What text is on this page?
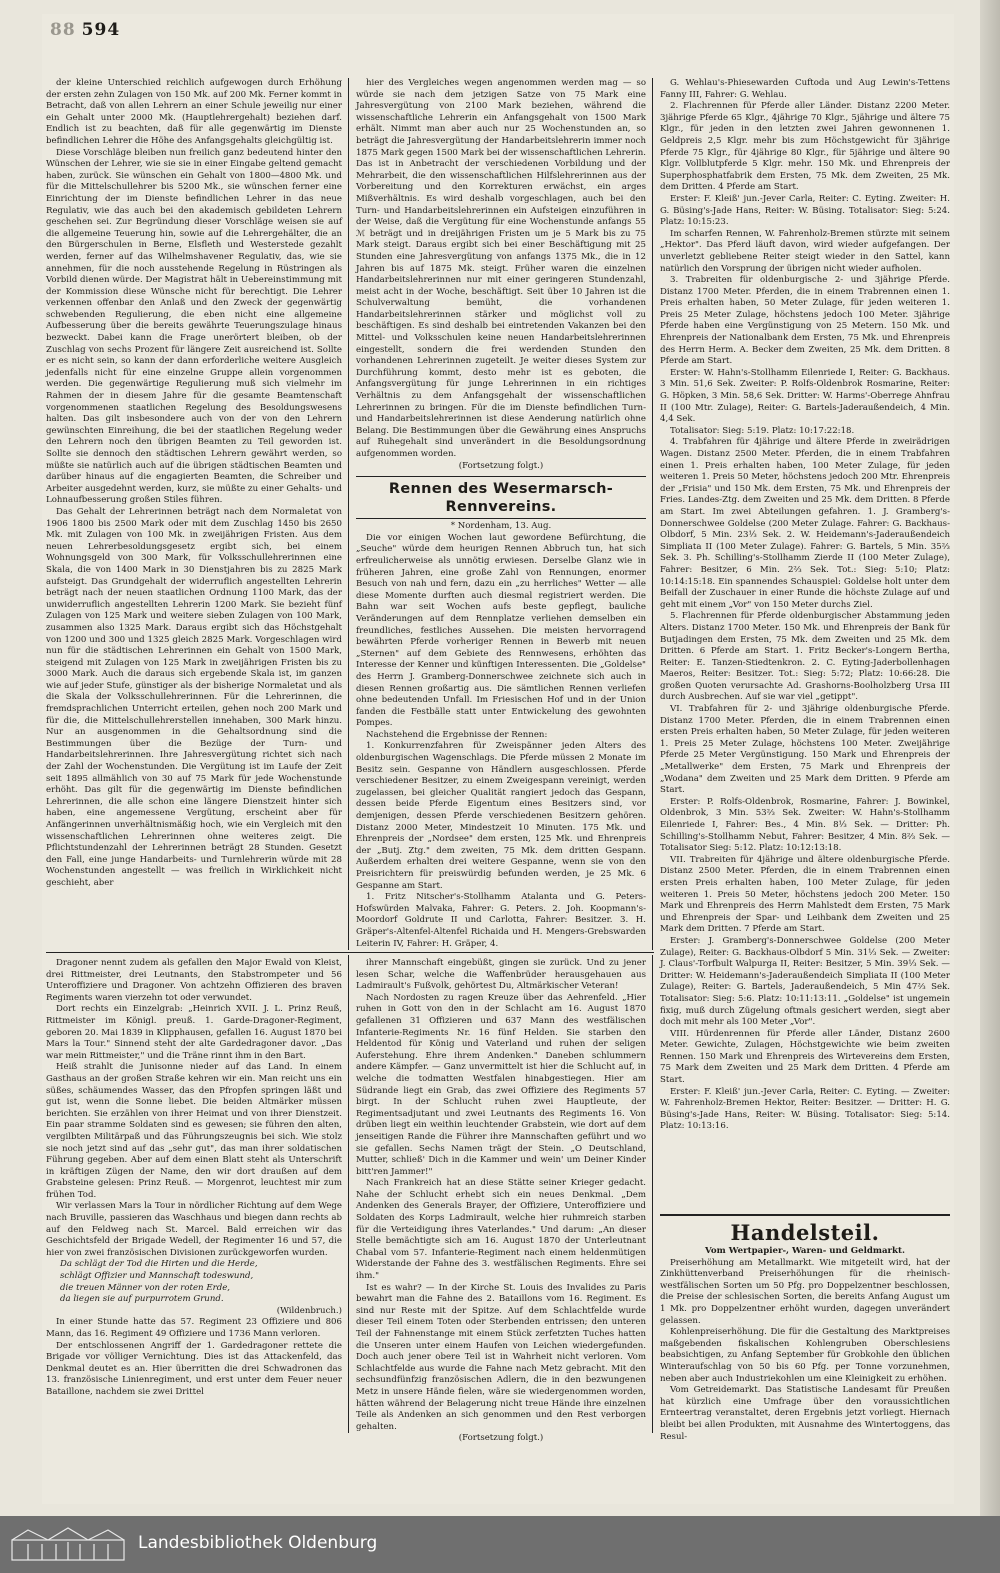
88 594

der kleine Unterschied reichlich aufgewogen durch Erhöhung der ersten zehn Zulagen von 150 Mk. auf 200 Mk. Ferner kommt in Betracht, daß von allen Lehrern an einer Schule jeweilig nur einer ein Gehalt unter 2000 Mk. (Hauptlehrergehalt) beziehen darf. Endlich ist zu beachten, daß für alle gegenwärtig im Dienste befindlichen Lehrer die Höhe des Anfangsgehalts gleichgültig ist.

Diese Vorschläge bleiben nun freilich ganz bedeutend hinter den Wünschen der Lehrer, wie sie sie in einer Eingabe geltend gemacht haben, zurück. Sie wünschen ein Gehalt von 1800—4800 Mk. und für die Mittelschullehrer bis 5200 Mk., sie wünschen ferner eine Einrichtung der im Dienste befindlichen Lehrer in das neue Regulativ, wie das auch bei den akademisch gebildeten Lehrern geschehen sei. Zur Begründung dieser Vorschläge weisen sie auf die allgemeine Teuerung hin, sowie auf die Lehrergehälter, die an den Bürgerschulen in Berne, Elsfleth und Westerstede gezahlt werden, ferner auf das Wilhelmshavener Regulativ, das, wie sie annehmen, für die noch ausstehende Regelung in Rüstringen als Vorbild dienen würde. Der Magistrat hält in Uebereinstimmung mit der Kommission diese Wünsche nicht für berechtigt. Die Lehrer verkennen offenbar den Anlaß und den Zweck der gegenwärtig schwebenden Regulierung, die eben nicht eine allgemeine Aufbesserung über die bereits gewährte Teuerungszulage hinaus bezweckt. Dabei kann die Frage unerörtert bleiben, ob der Zuschlag von sechs Prozent für längere Zeit ausreichend ist. Sollte er es nicht sein, so kann der dann erforderliche weitere Ausgleich jedenfalls nicht für eine einzelne Gruppe allein vorgenommen werden. Die gegenwärtige Regulierung muß sich vielmehr im Rahmen der in diesem Jahre für die gesamte Beamtenschaft vorgenommenen staatlichen Regelung des Besoldungswesens halten. Das gilt insbesondere auch von der von den Lehrern gewünschten Einreihung, die bei der staatlichen Regelung weder den Lehrern noch den übrigen Beamten zu Teil geworden ist. Sollte sie dennoch den städtischen Lehrern gewährt werden, so müßte sie natürlich auch auf die übrigen städtischen Beamten und darüber hinaus auf die engagierten Beamten, die Schreiber und Arbeiter ausgedehnt werden, kurz, sie müßte zu einer Gehalts- und Lohnaufbesserung großen Stiles führen.

Das Gehalt der Lehrerinnen beträgt nach dem Normaletat von 1906 1800 bis 2500 Mark oder mit dem Zuschlag 1450 bis 2650 Mk. mit Zulagen von 100 Mk. in zweijährigen Fristen. Aus dem neuen Lehrerbesoldungsgesetz ergibt sich, bei einem Wohnungsgeld von 300 Mark, für Volksschullehrerinnen eine Skala, die von 1400 Mark in 30 Dienstjahren bis zu 2825 Mark aufsteigt. Das Grundgehalt der widerruflich angestellten Lehrerin beträgt nach der neuen staatlichen Ordnung 1100 Mark, das der unwiderruflich angestellten Lehrerin 1200 Mark. Sie bezieht fünf Zulagen von 125 Mark und weitere sieben Zulagen von 100 Mark, zusammen also 1325 Mark. Daraus ergibt sich das Höchstgehalt von 1200 und 300 und 1325 gleich 2825 Mark. Vorgeschlagen wird nun für die städtischen Lehrerinnen ein Gehalt von 1500 Mark, steigend mit Zulagen von 125 Mark in zweijährigen Fristen bis zu 3000 Mark. Auch die daraus sich ergebende Skala ist, im ganzen wie auf jeder Stufe, günstiger als der bisherige Normaletat und als die Skala der Volksschullehrerinnen. Für die Lehrerinnen, die fremdsprachlichen Unterricht erteilen, gehen noch 200 Mark und für die, die Mittelschullehrerstellen innehaben, 300 Mark hinzu. Nur an ausgenommen in die Gehaltsordnung sind die Bestimmungen über die Bezüge der Turn- und Handarbeitslehrerinnen. Ihre Jahresvergütung richtet sich nach der Zahl der Wochenstunden. Die Vergütung ist im Laufe der Zeit seit 1895 allmählich von 30 auf 75 Mark für jede Wochenstunde erhöht. Das gilt für die gegenwärtig im Dienste befindlichen Lehrerinnen, die alle schon eine längere Dienstzeit hinter sich haben, eine angemessene Vergütung, erscheint aber für Anfängerinnen unverhältnismäßig hoch, wie ein Vergleich mit den wissenschaftlichen Lehrerinnen ohne weiteres zeigt. Die Pflichtstundenzahl der Lehrerinnen beträgt 28 Stunden. Gesetzt den Fall, eine junge Handarbeits- und Turnlehrerin würde mit 28 Wochenstunden angestellt — was freilich in Wirklichkeit nicht geschieht, aber

hier des Vergleiches wegen angenommen werden mag — so würde sie nach dem jetzigen Satze von 75 Mark eine Jahresvergütung von 2100 Mark beziehen, während die wissenschaftliche Lehrerin ein Anfangsgehalt von 1500 Mark erhält. Nimmt man aber auch nur 25 Wochenstunden an, so beträgt die Jahresvergütung der Handarbeitslehrerin immer noch 1875 Mark gegen 1500 Mark bei der wissenschaftlichen Lehrerin. Das ist in Anbetracht der verschiedenen Vorbildung und der Mehrarbeit, die den wissenschaftlichen Hilfslehrerinnen aus der Vorbereitung und den Korrekturen erwächst, ein arges Mißverhältnis. Es wird deshalb vorgeschlagen, auch bei den Turn- und Handarbeitslehrerinnen ein Aufsteigen einzuführen in der Weise, daß die Vergütung für eine Wochenstunde anfangs 55 ℳ beträgt und in dreijährigen Fristen um je 5 Mark bis zu 75 Mark steigt. Daraus ergibt sich bei einer Beschäftigung mit 25 Stunden eine Jahresvergütung von anfangs 1375 Mk., die in 12 Jahren bis auf 1875 Mk. steigt. Früher waren die einzelnen Handarbeitslehrerinnen nur mit einer geringeren Stundenzahl, meist acht in der Woche, beschäftigt. Seit über 10 Jahren ist die Schulverwaltung bemüht, die vorhandenen Handarbeitslehrerinnen stärker und möglichst voll zu beschäftigen. Es sind deshalb bei eintretenden Vakanzen bei den Mittel- und Volksschulen keine neuen Handarbeitslehrerinnen eingestellt, sondern die frei werdenden Stunden den vorhandenen Lehrerinnen zugeteilt. Je weiter dieses System zur Durchführung kommt, desto mehr ist es geboten, die Anfangsvergütung für junge Lehrerinnen in ein richtiges Verhältnis zu dem Anfangsgehalt der wissenschaftlichen Lehrerinnen zu bringen. Für die im Dienste befindlichen Turn- und Handarbeitslehrerinnen ist diese Aenderung natürlich ohne Belang. Die Bestimmungen über die Gewährung eines Anspruchs auf Ruhegehalt sind unverändert in die Besoldungsordnung aufgenommen worden.

(Fortsetzung folgt.)

Rennen des Wesermarsch-Rennvereins.

* Nordenham, 13. Aug.

Die vor einigen Wochen laut gewordene Befürchtung, die „Seuche" würde dem heurigen Rennen Abbruch tun, hat sich erfreulicherweise als unnötig erwiesen. Derselbe Glanz wie in früheren Jahren, eine große Zahl von Rennungen, enormer Besuch von nah und fern, dazu ein „zu herrliches" Wetter — alle diese Momente durften auch diesmal registriert werden. Die Bahn war seit Wochen aufs beste gepflegt, bauliche Veränderungen auf dem Rennplatze verliehen demselben ein freundliches, festliches Aussehen. Die meisten hervorragend bewährten Pferde vorheriger Rennen in Bewerb mit neuen „Sternen" auf dem Gebiete des Rennwesens, erhöhten das Interesse der Kenner und künftigen Interessenten. Die „Goldelse" des Herrn J. Gramberg-Donnerschwee zeichnete sich auch in diesen Rennen großartig aus. Die sämtlichen Rennen verliefen ohne bedeutenden Unfall. Im Friesischen Hof und in der Union fanden die Festbälle statt unter Entwickelung des gewohnten Pompes.

Nachstehend die Ergebnisse der Rennen:

1. Konkurrenzfahren für Zweispänner jeden Alters des oldenburgischen Wagenschlags. Die Pferde müssen 2 Monate im Besitz sein. Gespanne von Händlern ausgeschlossen. Pferde verschiedener Besitzer, zu einem Zweigespann vereinigt, werden zugelassen, bei gleicher Qualität rangiert jedoch das Gespann, dessen beide Pferde Eigentum eines Besitzers sind, vor demjenigen, dessen Pferde verschiedenen Besitzern gehören. Distanz 2000 Meter, Mindestzeit 10 Minuten. 175 Mk. und Ehrenpreis der „Nordsee" dem ersten, 125 Mk. und Ehrenpreis der „Butj. Ztg." dem zweiten, 75 Mk. dem dritten Gespann. Außerdem erhalten drei weitere Gespanne, wenn sie von den Preisrichtern für preiswürdig befunden werden, je 25 Mk. 6 Gespanne am Start.

1. Fritz Nitscher's-Stollhamm Atalanta und G. Peters-Hofswürden Malvaka, Fahrer: G. Peters. 2. Joh. Koopmann's-Moordorf Goldrute II und Carlotta, Fahrer: Besitzer. 3. H. Gräper's-Altenfel-Altenfel Richaida und H. Mengers-Grebswarden Leiterin IV, Fahrer: H. Gräper, 4.

G. Wehlau's-Phiesewarden Cuftoda und Aug Lewin's-Tettens Fanny III, Fahrer: G. Wehlau.

2. Flachrennen für Pferde aller Länder. Distanz 2200 Meter. 3jährige Pferde 65 Klgr., 4jährige 70 Klgr., 5jährige und ältere 75 Klgr., für jeden in den letzten zwei Jahren gewonnenen 1. Geldpreis 2,5 Klgr. mehr bis zum Höchstgewicht für 3jährige Pferde 75 Klgr., für 4jährige 80 Klgr., für 5jährige und ältere 90 Klgr. Vollblutpferde 5 Klgr. mehr. 150 Mk. und Ehrenpreis der Superphosphatfabrik dem Ersten, 75 Mk. dem Zweiten, 25 Mk. dem Dritten. 4 Pferde am Start.

Erster: F. Kleiß' jun.-Jever Carla, Reiter: C. Eyting. Zweiter: H. G. Büsing's-Jade Hans, Reiter: W. Büsing. Totalisator: Sieg: 5:24. Platz: 10:15:23.

Im scharfen Rennen, W. Fahrenholz-Bremen stürzte mit seinem „Hektor". Das Pferd läuft davon, wird wieder aufgefangen. Der unverletzt gebliebene Reiter steigt wieder in den Sattel, kann natürlich den Vorsprung der übrigen nicht wieder aufholen.

3. Trabreiten für oldenburgische 2- und 3jährige Pferde. Distanz 1700 Meter. Pferden, die in einem Trabrennen einen 1. Preis erhalten haben, 50 Meter Zulage, für jeden weiteren 1. Preis 25 Meter Zulage, höchstens jedoch 100 Meter. 3jährige Pferde haben eine Vergünstigung von 25 Metern. 150 Mk. und Ehrenpreis der Nationalbank dem Ersten, 75 Mk. und Ehrenpreis des Herrn Herm. A. Becker dem Zweiten, 25 Mk. dem Dritten. 8 Pferde am Start.

Erster: W. Hahn's-Stollhamm Eilenriede I, Reiter: G. Backhaus. 3 Min. 51,6 Sek. Zweiter: P. Rolfs-Oldenbrok Rosmarine, Reiter: G. Höpken, 3 Min. 58,6 Sek. Dritter: W. Harms'-Oberrege Ahnfrau II (100 Mtr. Zulage), Reiter: G. Bartels-Jaderaußendeich, 4 Min. 4,4 Sek.

Totalisator: Sieg: 5:19. Platz: 10:17:22:18.

4. Trabfahren für 4jährige und ältere Pferde in zweirädrigen Wagen. Distanz 2500 Meter. Pferden, die in einem Trabfahren einen 1. Preis erhalten haben, 100 Meter Zulage, für jeden weiteren 1. Preis 50 Meter, höchstens jedoch 200 Mtr. Ehrenpreis der „Frisia" und 150 Mk. dem Ersten, 75 Mk. und Ehrenpreis der Fries. Landes-Ztg. dem Zweiten und 25 Mk. dem Dritten. 8 Pferde am Start. Im zwei Abteilungen gefahren. 1. J. Gramberg's-Donnerschwee Goldelse (200 Meter Zulage. Fahrer: G. Backhaus-Olbdorf, 5 Min. 23⅓ Sek. 2. W. Heidemann's-Jaderaußendeich Simpliata II (100 Meter Zulage). Fahrer: G. Bartels, 5 Min. 35⅔ Sek. 3. Ph. Schilling's-Stollhamm Zierde II (100 Meter Zulage), Fahrer: Besitzer, 6 Min. 2⅔ Sek. Tot.: Sieg: 5:10; Platz: 10:14:15:18. Ein spannendes Schauspiel: Goldelse holt unter dem Beifall der Zuschauer in einer Runde die höchste Zulage auf und geht mit einem „Vor" von 150 Meter durchs Ziel.

5. Flachrennen für Pferde oldenburgischer Abstammung jeden Alters. Distanz 1700 Meter. 150 Mk. und Ehrenpreis der Bank für Butjadingen dem Ersten, 75 Mk. dem Zweiten und 25 Mk. dem Dritten. 6 Pferde am Start. 1. Fritz Becker's-Longern Bertha, Reiter: E. Tanzen-Stiedtenkron. 2. C. Eyting-Jaderbollenhagen Maeros, Reiter: Besitzer. Tot.: Sieg: 5:72; Platz: 10:66:28. Die großen Quoten verursachte Ad. Grashorns-Boolholzberg Ursa III durch Ausbrechen. Auf sie war viel „getippt".

VI. Trabfahren für 2- und 3jährige oldenburgische Pferde. Distanz 1700 Meter. Pferden, die in einem Trabrennen einen ersten Preis erhalten haben, 50 Meter Zulage, für jeden weiteren 1. Preis 25 Meter Zulage, höchstens 100 Meter. Zweijährige Pferde 25 Meter Vergünstigung. 150 Mark und Ehrenpreis der „Metallwerke" dem Ersten, 75 Mark und Ehrenpreis der „Wodana" dem Zweiten und 25 Mark dem Dritten. 9 Pferde am Start.

Erster: P. Rolfs-Oldenbrok, Rosmarine, Fahrer: J. Bowinkel, Oldenbrok, 3 Min. 53⅔ Sek. Zweiter: W. Hahn's-Stollhamm Eilenriede I, Fahrer: Bes., 4 Min. 8⅓ Sek. — Dritter: Ph. Schilling's-Stollhamm Nebut, Fahrer: Besitzer, 4 Min. 8⅔ Sek. — Totalisator Sieg: 5:12. Platz: 10:12:13:18.

VII. Trabreiten für 4jährige und ältere oldenburgische Pferde. Distanz 2500 Meter. Pferden, die in einem Trabrennen einen ersten Preis erhalten haben, 100 Meter Zulage, für jeden weiteren 1. Preis 50 Meter, höchstens jedoch 200 Meter. 150 Mark und Ehrenpreis des Herrn Mahlstedt dem Ersten, 75 Mark und Ehrenpreis der Spar- und Leihbank dem Zweiten und 25 Mark dem Dritten. 7 Pferde am Start.

Erster: J. Gramberg's-Donnerschwee Goldelse (200 Meter Zulage), Reiter: G. Backhaus-Olbdorf 5 Min. 31⅓ Sek. — Zweiter: J. Claus'-Torfbult Walpurga II, Reiter: Besitzer, 5 Min. 39⅓ Sek. — Dritter: W. Heidemann's-Jaderaußendeich Simpliata II (100 Meter Zulage), Reiter: G. Bartels, Jaderaußendeich, 5 Min 47⅔ Sek. Totalisator: Sieg: 5:6. Platz: 10:11:13:11. „Goldelse" ist ungemein fixig, muß durch Zügelung oftmals gesichert werden, siegt aber doch mit mehr als 100 Meter „Vor".

VIII. Hürdenrennen für Pferde aller Länder, Distanz 2600 Meter. Gewichte, Zulagen, Höchstgewichte wie beim zweiten Rennen. 150 Mark und Ehrenpreis des Wirtevereins dem Ersten, 75 Mark dem Zweiten und 25 Mark dem Dritten. 4 Pferde am Start.

Erster: F. Kleiß' jun.-Jever Carla, Reiter: C. Eyting. — Zweiter: W. Fahrenholz-Bremen Hektor, Reiter: Besitzer. — Dritter: H. G. Büsing's-Jade Hans, Reiter: W. Büsing. Totalisator: Sieg: 5:14. Platz: 10:13:16.

Dragoner nennt zudem als gefallen den Major Ewald von Kleist, drei Rittmeister, drei Leutnants, den Stabstrompeter und 56 Unteroffiziere und Dragoner. Von achtzehn Offizieren des braven Regiments waren vierzehn tot oder verwundet.

Dort rechts ein Einzelgrab: „Heinrich XVII. J. L. Prinz Reuß, Rittmeister im Königl. preuß. 1. Garde-Dragoner-Regiment, geboren 20. Mai 1839 in Klipphausen, gefallen 16. August 1870 bei Mars la Tour." Sinnend steht der alte Gardedragoner davor. „Das war mein Rittmeister," und die Träne rinnt ihm in den Bart.

Heiß strahlt die Junisonne nieder auf das Land. In einem Gasthaus an der großen Straße kehren wir ein. Man reicht uns ein süßes, schäumendes Wasser, das den Pfropfen springen läßt und gut ist, wenn die Sonne liebet. Die beiden Altmärker müssen berichten. Sie erzählen von ihrer Heimat und von ihrer Dienstzeit. Ein paar stramme Soldaten sind es gewesen; sie führen den alten, vergilbten Militärpaß und das Führungszeugnis bei sich. Wie stolz sie noch jetzt sind auf das „sehr gut", das man ihrer soldatischen Führung gegeben. Aber auf dem einen Blatt steht als Unterschrift in kräftigen Zügen der Name, den wir dort draußen auf dem Grabsteine gelesen: Prinz Reuß. — Morgenrot, leuchtest mir zum frühen Tod.

Wir verlassen Mars la Tour in nördlicher Richtung auf dem Wege nach Bruville, passieren das Waschhaus und biegen dann rechts ab auf den Feldweg nach St. Marcel. Bald erreichen wir das Geschichtsfeld der Brigade Wedell, der Regimenter 16 und 57, die hier von zwei französischen Divisionen zurückgeworfen wurden.

Da schlägt der Tod die Hirten und die Herde,

schlägt Offizier und Mannschaft todeswund,

die treuen Männer von der roten Erde,

da liegen sie auf purpurrotem Grund.

(Wildenbruch.)

In einer Stunde hatte das 57. Regiment 23 Offiziere und 806 Mann, das 16. Regiment 49 Offiziere und 1736 Mann verloren.

Der entschlossenen Angriff der 1. Gardedragoner rettete die Brigade vor völliger Vernichtung. Dies ist das Attackenfeld, das Denkmal deutet es an. Hier überritten die drei Schwadronen das 13. französische Linienregiment, und erst unter dem Feuer neuer Bataillone, nachdem sie zwei Drittel

ihrer Mannschaft eingebüßt, gingen sie zurück. Und zu jener lesen Schar, welche die Waffenbrüder herausgehauen aus Ladmirault's Fußvolk, gehörtest Du, Altmärkischer Veteran!

Nach Nordosten zu ragen Kreuze über das Aehrenfeld. „Hier ruhen in Gott von den in der Schlacht am 16. August 1870 gefallenen 31 Offizieren und 637 Mann des westfälischen Infanterie-Regiments Nr. 16 fünf Helden. Sie starben den Heldentod für König und Vaterland und ruhen der seligen Auferstehung. Ehre ihrem Andenken." Daneben schlummern andere Kämpfer. — Ganz unvermittelt ist hier die Schlucht auf, in welche die todmatten Westfalen hinabgestiegen. Hier am Südrande liegt ein Grab, das zwei Offiziere des Regiments 57 birgt. In der Schlucht ruhen zwei Hauptleute, der Regimentsadjutant und zwei Leutnants des Regiments 16. Von drüben liegt ein weithin leuchtender Grabstein, wie dort auf dem jenseitigen Rande die Führer ihre Mannschaften geführt und wo sie gefallen. Sechs Namen trägt der Stein. „O Deutschland, Mutter, schließ' Dich in die Kammer und wein' um Deiner Kinder bitt'ren Jammer!"

Nach Frankreich hat an diese Stätte seiner Krieger gedacht. Nahe der Schlucht erhebt sich ein neues Denkmal. „Dem Andenken des Generals Brayer, der Offiziere, Unteroffiziere und Soldaten des Korps Ladmirault, welche hier ruhmreich starben für die Verteidigung ihres Vaterlandes." Und darum: „An dieser Stelle bemächtigte sich am 16. August 1870 der Unterleutnant Chabal vom 57. Infanterie-Regiment nach einem heldenmütigen Widerstande der Fahne des 3. westfälischen Regiments. Ehre sei ihm."

Ist es wahr? — In der Kirche St. Louis des Invalides zu Paris bewahrt man die Fahne des 2. Bataillons vom 16. Regiment. Es sind nur Reste mit der Spitze. Auf dem Schlachtfelde wurde dieser Teil einem Toten oder Sterbenden entrissen; den unteren Teil der Fahnenstange mit einem Stück zerfetzten Tuches hatten die Unseren unter einem Haufen von Leichen wiedergefunden. Doch auch jener obere Teil ist in Wahrheit nicht verloren. Vom Schlachtfelde aus wurde die Fahne nach Metz gebracht. Mit den sechsundfünfzig französischen Adlern, die in den bezwungenen Metz in unsere Hände fielen, wäre sie wiedergenommen worden, hätten während der Belagerung nicht treue Hände ihre einzelnen Teile als Andenken an sich genommen und den Rest verborgen gehalten.

(Fortsetzung folgt.)

Handelsteil.

Vom Wertpapier-, Waren- und Geldmarkt.

Preiserhöhung am Metallmarkt. Wie mitgeteilt wird, hat der Zinkhüttenverband Preiserhöhungen für die rheinisch-westfälischen Sorten um 50 Pfg. pro Doppelzentner beschlossen, die Preise der schlesischen Sorten, die bereits Anfang August um 1 Mk. pro Doppelzentner erhöht wurden, dagegen unverändert gelassen.

Kohlenpreiserhöhung. Die für die Gestaltung des Marktpreises maßgebenden fiskalischen Kohlengruben Oberschlesiens beabsichtigen, zu Anfang September für Grobkohle den üblichen Winteraufschlag von 50 bis 60 Pfg. per Tonne vorzunehmen, neben aber auch Industriekohlen um eine Kleinigkeit zu erhöhen.

Vom Getreidemarkt. Das Statistische Landesamt für Preußen hat kürzlich eine Umfrage über den voraussichtlichen Ernteertrag veranstaltet, deren Ergebnis jetzt vorliegt. Hiernach bleibt bei allen Produkten, mit Ausnahme des Wintertoggens, das Resul-

Landesbibliothek Oldenburg
